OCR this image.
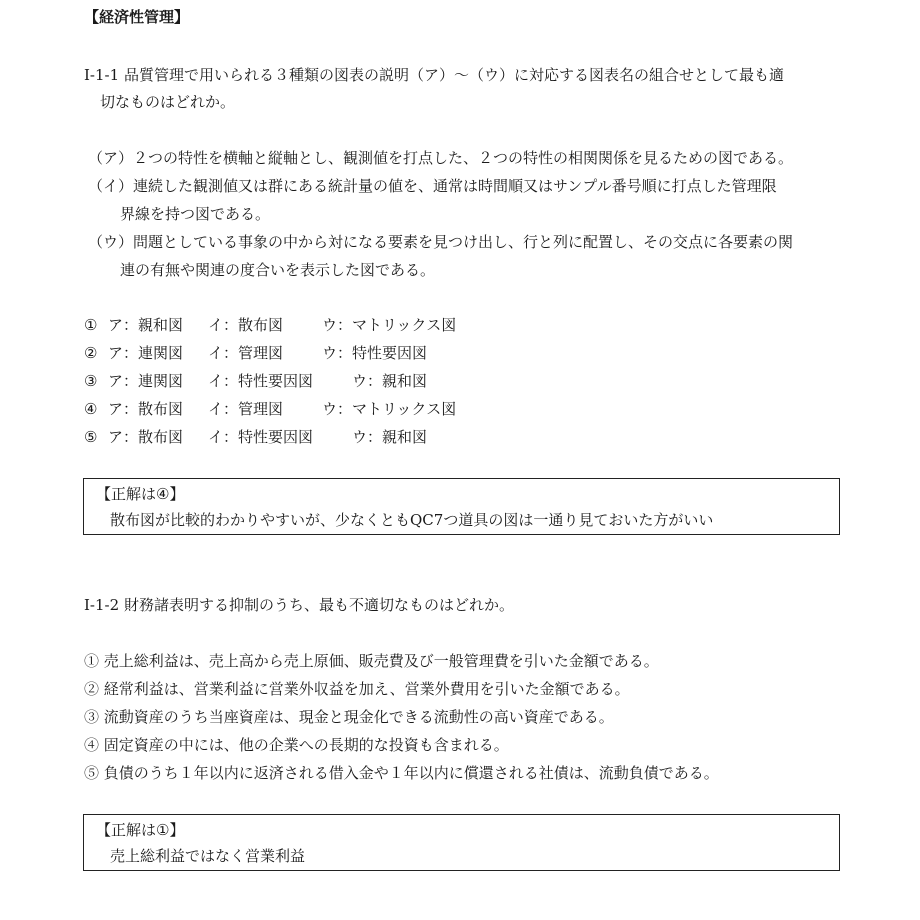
【経済性管理】
I-1-1 品質管理で用いられる３種類の図表の説明（ア）～（ウ）に対応する図表名の組合せとして最も適
切なものはどれか。
（ア）２つの特性を横軸と縦軸とし、観測値を打点した、２つの特性の相関関係を見るための図である。
（イ）連続した観測値又は群にある統計量の値を、通常は時間順又はサンプル番号順に打点した管理限
界線を持つ図である。
（ウ）問題としている事象の中から対になる要素を見つけ出し、行と列に配置し、その交点に各要素の関
連の有無や関連の度合いを表示した図である。
① ア：親和図 イ：散布図	ウ：マトリックス図
② ア：連関図 イ：管理図	ウ：特性要因図
③ ア：連関図 イ：特性要因図	ウ：親和図
④ ア：散布図 イ：管理図	ウ：マトリックス図
⑤ ア：散布図 イ：特性要因図	ウ：親和図
【正解は④】
散布図が比較的わかりやすいが、少なくともQC7つ道具の図は一通り見ておいた方がいい
I-1-2 財務諸表明する抑制のうち、最も不適切なものはどれか。
① 売上総利益は、売上高から売上原価、販売費及び一般管理費を引いた金額である。
② 経常利益は、営業利益に営業外収益を加え、営業外費用を引いた金額である。
③ 流動資産のうち当座資産は、現金と現金化できる流動性の高い資産である。
④ 固定資産の中には、他の企業への長期的な投資も含まれる。
⑤ 負債のうち１年以内に返済される借入金や１年以内に償還される社債は、流動負債である。
【正解は①】
売上総利益ではなく営業利益
